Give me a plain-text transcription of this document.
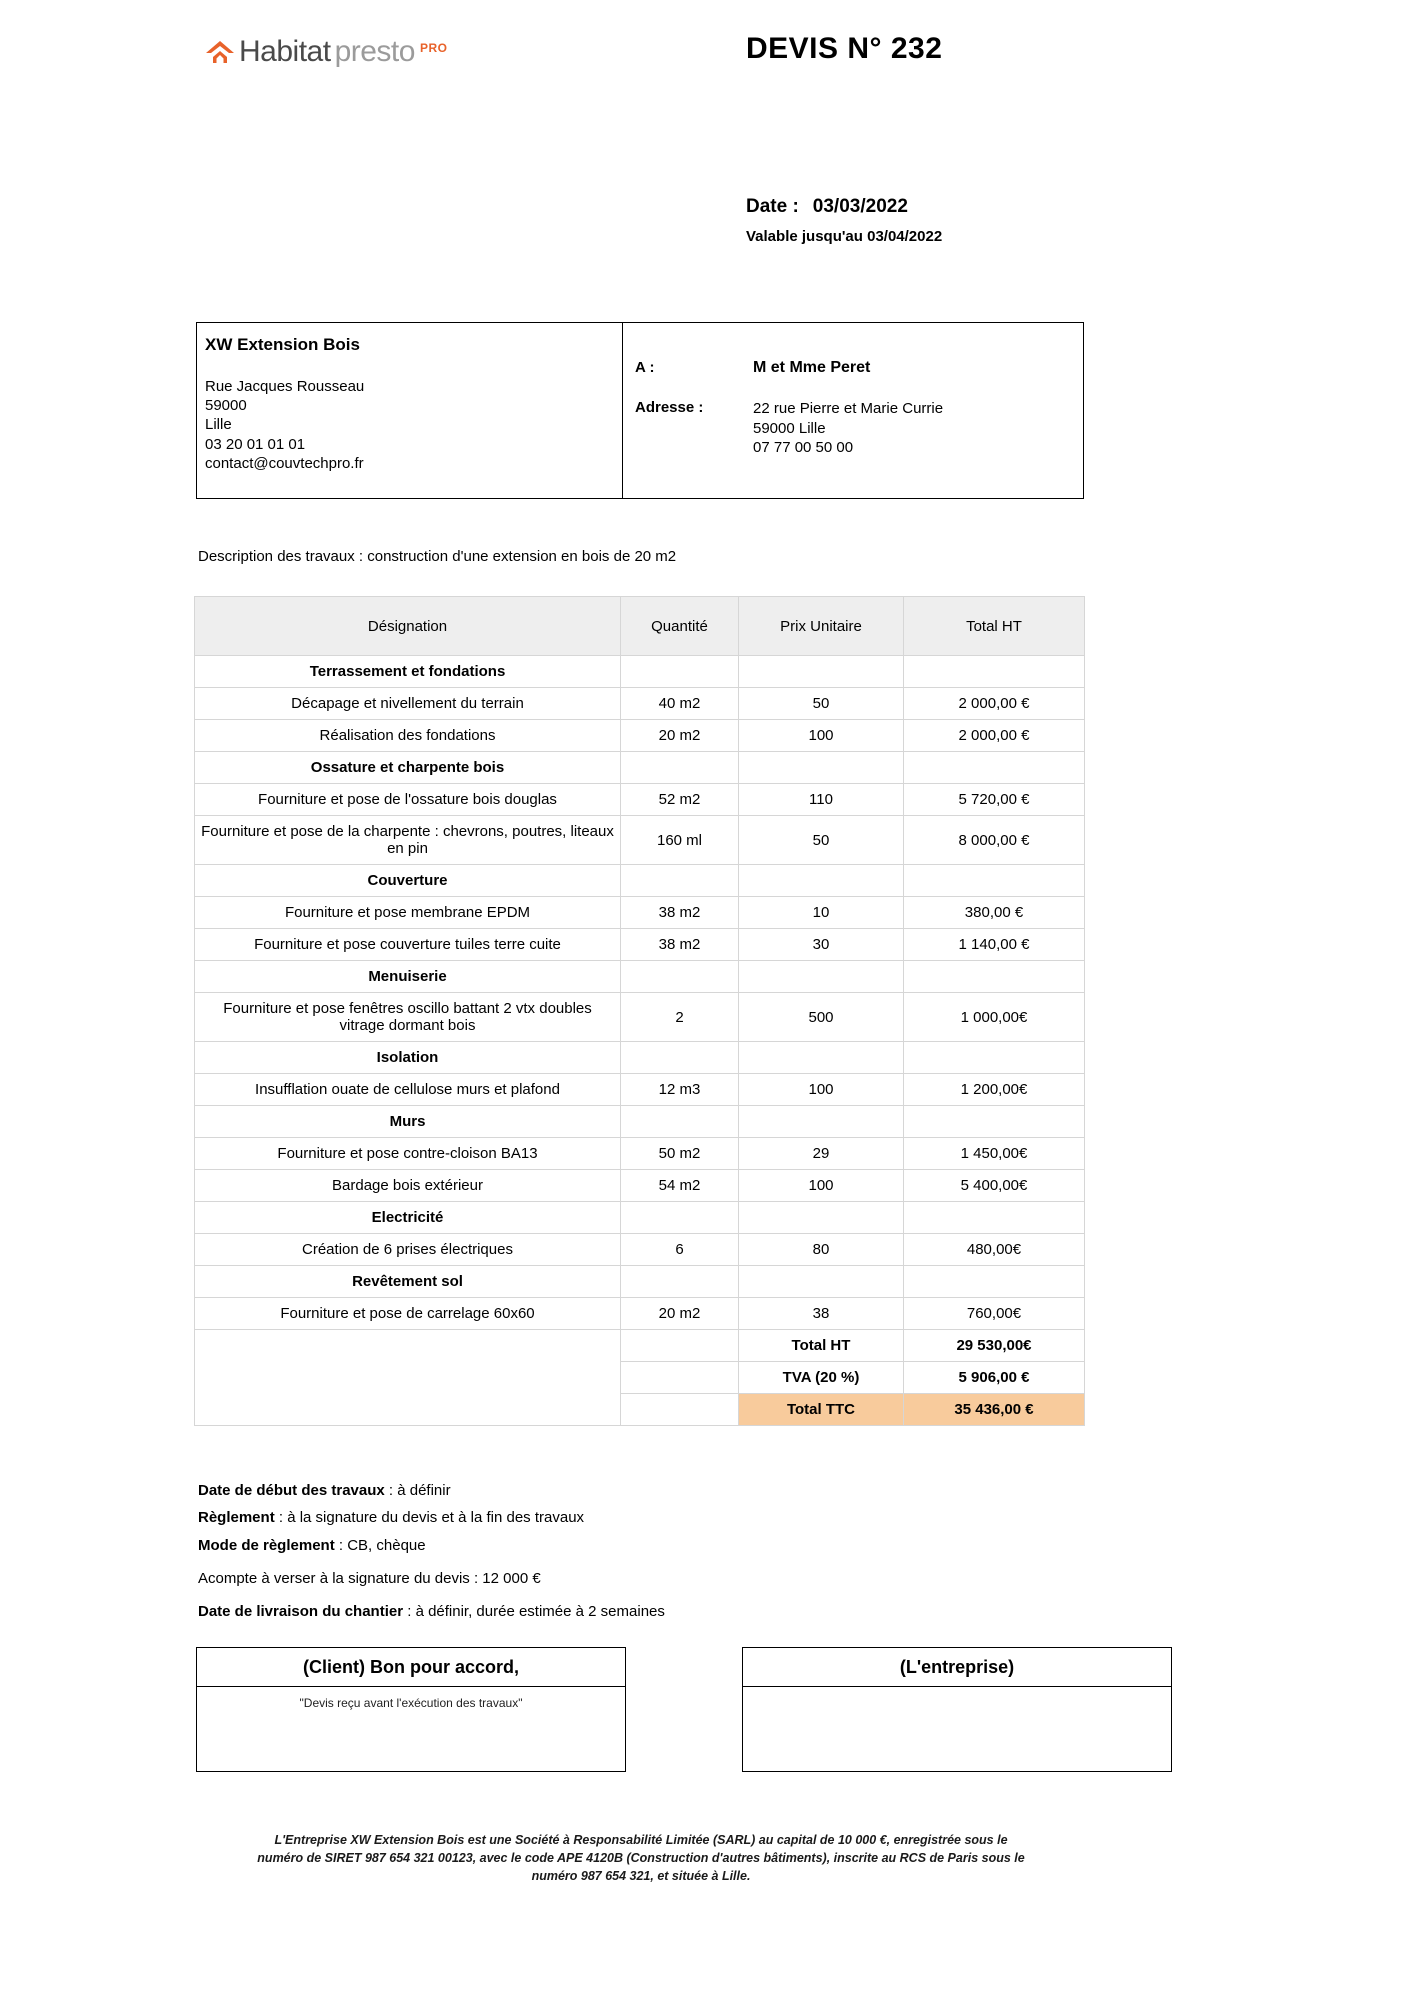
Habitat presto PRO	DEVIS N° 232
Date : 03/03/2022
Valable jusqu'au 03/04/2022
XW Extension Bois
Rue Jacques Rousseau
59000
Lille
03 20 01 01 01
contact@couvtechpro.fr
A :	M et Mme Peret
Adresse :	22 rue Pierre et Marie Currie
59000 Lille
07 77 00 50 00
Description des travaux : construction d'une extension en bois de 20 m2
Désignation	Quantité	Prix Unitaire	Total HT
Terrassement et fondations			
Décapage et nivellement du terrain	40 m2	50	2 000,00 €
Réalisation des fondations	20 m2	100	2 000,00 €
Ossature et charpente bois			
Fourniture et pose de l'ossature bois douglas	52 m2	110	5 720,00 €
Fourniture et pose de la charpente : chevrons, poutres, liteaux en pin	160 ml	50	8 000,00 €
Couverture			
Fourniture et pose membrane EPDM	38 m2	10	380,00 €
Fourniture et pose couverture tuiles terre cuite	38 m2	30	1 140,00 €
Menuiserie			
Fourniture et pose fenêtres oscillo battant 2 vtx doubles vitrage dormant bois	2	500	1 000,00€
Isolation			
Insufflation ouate de cellulose murs et plafond	12 m3	100	1 200,00€
Murs			
Fourniture et pose contre-cloison BA13	50 m2	29	1 450,00€
Bardage bois extérieur	54 m2	100	5 400,00€
Electricité			
Création de 6 prises électriques	6	80	480,00€
Revêtement sol			
Fourniture et pose de carrelage 60x60	20 m2	38	760,00€
		Total HT	29 530,00€
		TVA (20 %)	5 906,00 €
		Total TTC	35 436,00 €

Date de début des travaux : à définir

Règlement : à la signature du devis et à la fin des travaux

Mode de règlement : CB, chèque

Acompte à verser à la signature du devis : 12 000 €

Date de livraison du chantier : à définir, durée estimée à 2 semaines

(Client) Bon pour accord,
"Devis reçu avant l'exécution des travaux"
(L'entreprise)
L'Entreprise XW Extension Bois est une Société à Responsabilité Limitée (SARL) au capital de 10 000 €, enregistrée sous le
numéro de SIRET 987 654 321 00123, avec le code APE 4120B (Construction d'autres bâtiments), inscrite au RCS de Paris sous le
numéro 987 654 321, et située à Lille.
